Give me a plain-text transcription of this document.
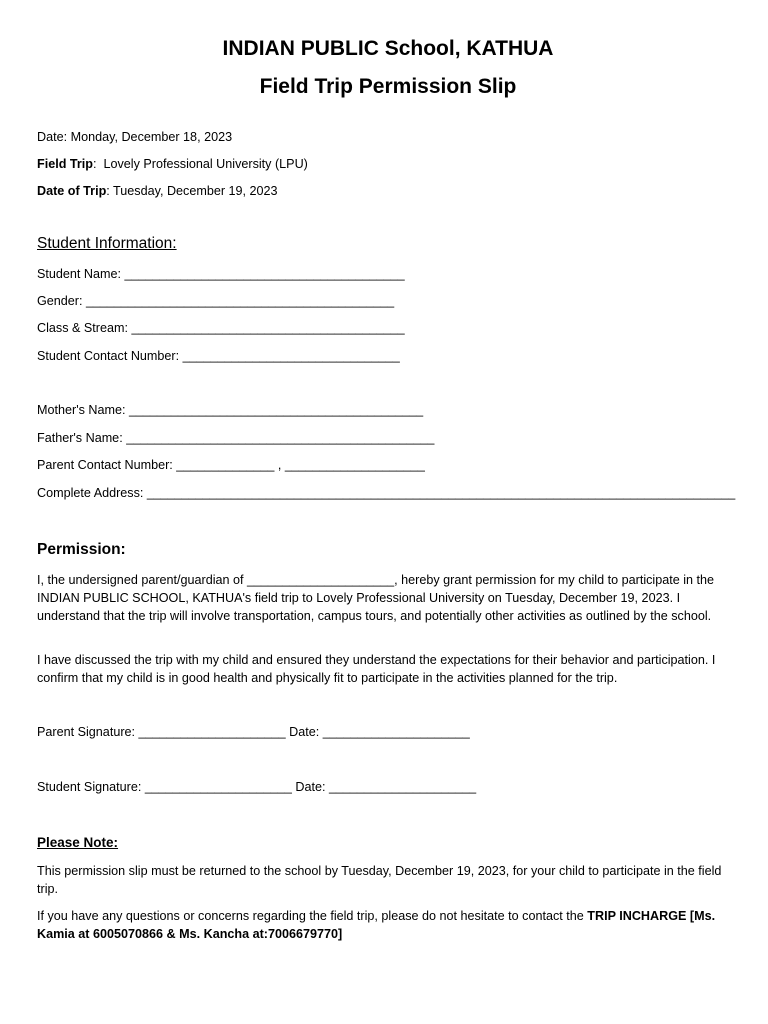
INDIAN PUBLIC School, KATHUA
Field Trip Permission Slip
Date: Monday, December 18, 2023
Field Trip:  Lovely Professional University (LPU)
Date of Trip: Tuesday, December 19, 2023
Student Information:
Student Name: ________________________________________
Gender: ____________________________________________
Class & Stream: _______________________________________
Student Contact Number: _______________________________
Mother's Name: __________________________________________
Father's Name: ____________________________________________
Parent Contact Number: ______________ , ____________________
Complete Address: ____________________________________________________________________________________
Permission:
I, the undersigned parent/guardian of _____________________, hereby grant permission for my child to participate in the INDIAN PUBLIC SCHOOL, KATHUA's field trip to Lovely Professional University on Tuesday, December 19, 2023. I understand that the trip will involve transportation, campus tours, and potentially other activities as outlined by the school.
I have discussed the trip with my child and ensured they understand the expectations for their behavior and participation. I confirm that my child is in good health and physically fit to participate in the activities planned for the trip.
Parent Signature: _____________________ Date: _____________________
Student Signature: _____________________ Date: _____________________
Please Note:
This permission slip must be returned to the school by Tuesday, December 19, 2023, for your child to participate in the field trip.
If you have any questions or concerns regarding the field trip, please do not hesitate to contact the TRIP INCHARGE [Ms. Kamia at 6005070866 & Ms. Kancha at:7006679770]
